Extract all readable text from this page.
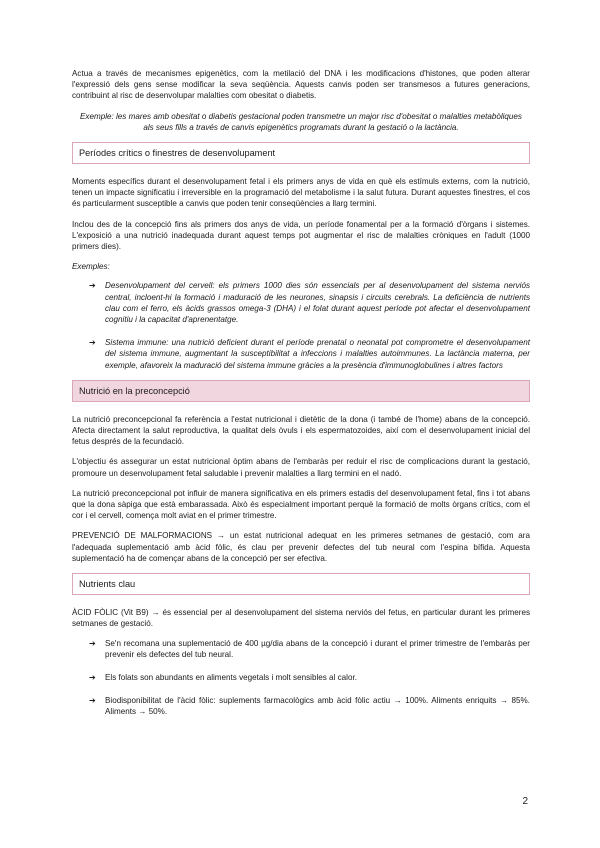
Actua a través de mecanismes epigenètics, com la metilació del DNA i les modificacions d'histones, que poden alterar l'expressió dels gens sense modificar la seva seqüència. Aquests canvis poden ser transmesos a futures generacions, contribuint al risc de desenvolupar malalties com obesitat o diabetis.

Exemple: les mares amb obesitat o diabetis gestacional poden transmetre un major risc d'obesitat o malalties metabòliques als seus fills a través de canvis epigenètics programats durant la gestació o la lactància.

Períodes crítics o finestres de desenvolupament

Moments específics durant el desenvolupament fetal i els primers anys de vida en què els estímuls externs, com la nutrició, tenen un impacte significatiu i irreversible en la programació del metabolisme i la salut futura. Durant aquestes finestres, el cos és particularment susceptible a canvis que poden tenir conseqüències a llarg termini.

Inclou des de la concepció fins als primers dos anys de vida, un període fonamental per a la formació d'òrgans i sistemes. L'exposició a una nutrició inadequada durant aquest temps pot augmentar el risc de malalties cròniques en l'adult (1000 primers dies).

Exemples:

➔ Desenvolupament del cervell: els primers 1000 dies són essencials per al desenvolupament del sistema nerviós central, incloent-hi la formació i maduració de les neurones, sinapsis i circuits cerebrals. La deficiència de nutrients clau com el ferro, els àcids grassos omega-3 (DHA) i el folat durant aquest període pot afectar el desenvolupament cognitiu i la capacitat d'aprenentatge.
➔ Sistema immune: una nutrició deficient durant el període prenatal o neonatal pot comprometre el desenvolupament del sistema immune, augmentant la susceptibilitat a infeccions i malalties autoimmunes. La lactància materna, per exemple, afavoreix la maduració del sistema immune gràcies a la presència d'immunoglobulines i altres factors
Nutrició en la preconcepció

La nutrició preconcepcional fa referència a l'estat nutricional i dietètic de la dona (i també de l'home) abans de la concepció. Afecta directament la salut reproductiva, la qualitat dels òvuls i els espermatozoides, així com el desenvolupament inicial del fetus després de la fecundació.

L'objectiu és assegurar un estat nutricional òptim abans de l'embaràs per reduir el risc de complicacions durant la gestació, promoure un desenvolupament fetal saludable i prevenir malalties a llarg termini en el nadó.

La nutrició preconcepcional pot influir de manera significativa en els primers estadis del desenvolupament fetal, fins i tot abans que la dona sàpiga que està embarassada. Això és especialment important perquè la formació de molts òrgans crítics, com el cor i el cervell, comença molt aviat en el primer trimestre.

PREVENCIÓ DE MALFORMACIONS → un estat nutricional adequat en les primeres setmanes de gestació, com ara l'adequada suplementació amb àcid fòlic, és clau per prevenir defectes del tub neural com l'espina bífida. Aquesta suplementació ha de començar abans de la concepció per ser efectiva.

Nutrients clau

ÀCID FÒLIC (Vit B9) → és essencial per al desenvolupament del sistema nerviós del fetus, en particular durant les primeres setmanes de gestació.

➔ Se'n recomana una suplementació de 400 µg/dia abans de la concepció i durant el primer trimestre de l'embaràs per prevenir els defectes del tub neural.
➔ Els folats son abundants en aliments vegetals i molt sensibles al calor.
➔ Biodisponibilitat de l'àcid fòlic: suplements farmacològics amb àcid fòlic actiu → 100%. Aliments enriquits → 85%. Aliments → 50%.
2
